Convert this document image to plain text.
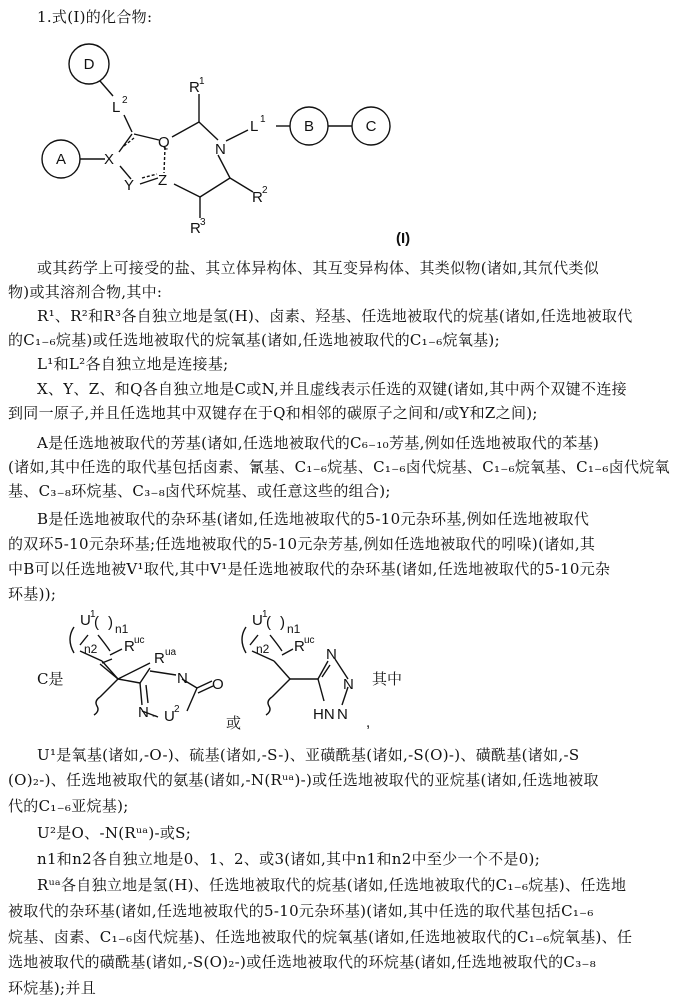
1.式(I)的化合物:
D
A
B	C
L 2
X
Y
Q
Z
N
R 1
L 1
R 2
R 3
(I)
或其药学上可接受的盐、其立体异构体、其互变异构体、其类似物(诸如,其氘代类似
物)或其溶剂合物,其中:
R¹、R²和R³各自独立地是氢(H)、卤素、羟基、任选地被取代的烷基(诸如,任选地被取代
的C₁₋₆烷基)或任选地被取代的烷氧基(诸如,任选地被取代的C₁₋₆烷氧基);
L¹和L²各自独立地是连接基;
X、Y、Z、和Q各自独立地是C或N,并且虚线表示任选的双键(诸如,其中两个双键不连接
到同一原子,并且任选地其中双键存在于Q和相邻的碳原子之间和/或Y和Z之间);
A是任选地被取代的芳基(诸如,任选地被取代的C₆₋₁₀芳基,例如任选地被取代的苯基)
(诸如,其中任选的取代基包括卤素、氰基、C₁₋₆烷基、C₁₋₆卤代烷基、C₁₋₆烷氧基、C₁₋₆卤代烷氧
基、C₃₋₈环烷基、C₃₋₈卤代环烷基、或任意这些的组合);
B是任选地被取代的杂环基(诸如,任选地被取代的5-10元杂环基,例如任选地被取代
的双环5-10元杂环基;任选地被取代的5-10元杂芳基,例如任选地被取代的吲哚)(诸如,其
中B可以任选地被V¹取代,其中V¹是任选地被取代的杂环基(诸如,任选地被取代的5-10元杂
环基));
C是	其中
U 1
( ) n1
n2 R uc
R ua
N O
N U 2
-	或
U 1
( ) n1
n2 R uc
N
N
N
HN ,
U¹是氧基(诸如,-O-)、硫基(诸如,-S-)、亚磺酰基(诸如,-S(O)-)、磺酰基(诸如,-S
(O)₂-)、任选地被取代的氨基(诸如,-N(Rᵘᵃ)-)或任选地被取代的亚烷基(诸如,任选地被取
代的C₁₋₆亚烷基);
U²是O、-N(Rᵘᵃ)-或S;
n1和n2各自独立地是0、1、2、或3(诸如,其中n1和n2中至少一个不是0);
Rᵘᵃ各自独立地是氢(H)、任选地被取代的烷基(诸如,任选地被取代的C₁₋₆烷基)、任选地
被取代的杂环基(诸如,任选地被取代的5-10元杂环基)(诸如,其中任选的取代基包括C₁₋₆
烷基、卤素、C₁₋₆卤代烷基)、任选地被取代的烷氧基(诸如,任选地被取代的C₁₋₆烷氧基)、任
选地被取代的磺酰基(诸如,-S(O)₂-)或任选地被取代的环烷基(诸如,任选地被取代的C₃₋₈
环烷基);并且
